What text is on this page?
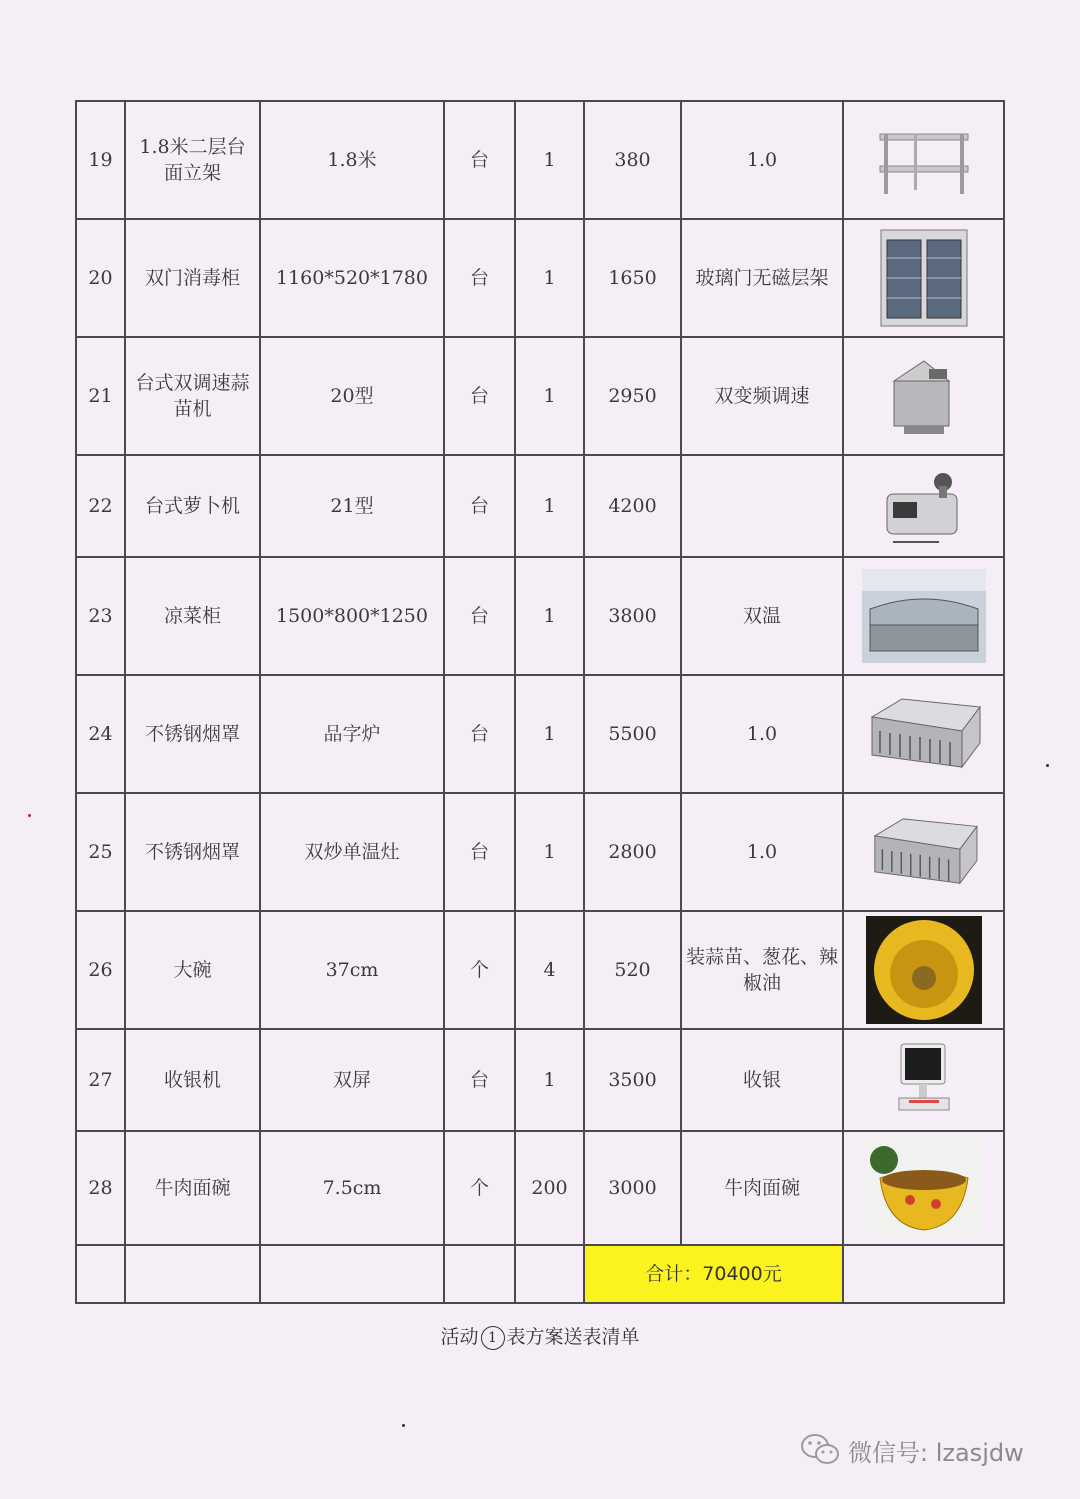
19	1.8米二层台面立架	1.8米	台	1	380	1.0	

20	双门消毒柜	1160*520*1780	台	1	1650	玻璃门无磁层架	

21	台式双调速蒜苗机	20型	台	1	2950	双变频调速	

22	台式萝卜机	21型	台	1	4200		

23	凉菜柜	1500*800*1250	台	1	3800	双温	

24	不锈钢烟罩	品字炉	台	1	5500	1.0	

25	不锈钢烟罩	双炒单温灶	台	1	2800	1.0	

26	大碗	37cm	个	4	520	装蒜苗、葱花、辣椒油	

27	收银机	双屏	台	1	3500	收银	

28	牛肉面碗	7.5cm	个	200	3000	牛肉面碗	

					合计：70400元		
活动 1 表方案送表清单
微信号: lzasjdw
